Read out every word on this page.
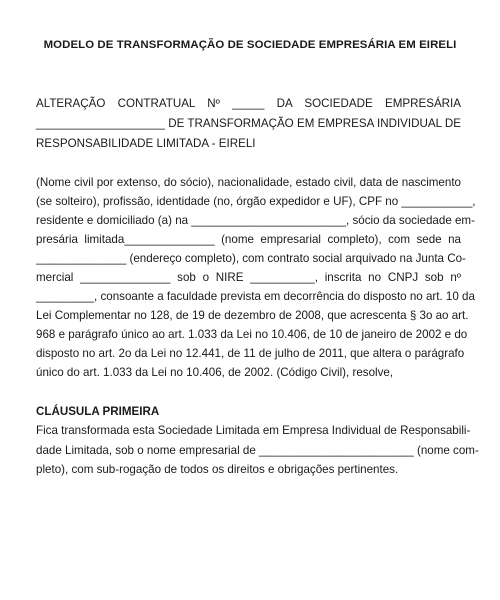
MODELO DE TRANSFORMAÇÃO DE SOCIEDADE EMPRESÁRIA EM EIRELI
ALTERAÇÃO CONTRATUAL Nº _____ DA SOCIEDADE EMPRESÁRIA
____________________ DE TRANSFORMAÇÃO EM EMPRESA INDIVIDUAL DE
RESPONSABILIDADE LIMITADA - EIRELI
(Nome civil por extenso, do sócio), nacionalidade, estado civil, data de nascimento
(se solteiro), profissão, identidade (no, órgão expedidor e UF), CPF no ___________,
residente e domiciliado (a) na ________________________, sócio da sociedade em-
presária limitada______________ (nome empresarial completo), com sede na
______________ (endereço completo), com contrato social arquivado na Junta Co-
mercial ______________ sob o NIRE __________, inscrita no CNPJ sob nº
_________, consoante a faculdade prevista em decorrência do disposto no art. 10 da
Lei Complementar no 128, de 19 de dezembro de 2008, que acrescenta § 3o ao art.
968 e parágrafo único ao art. 1.033 da Lei no 10.406, de 10 de janeiro de 2002 e do
disposto no art. 2o da Lei no 12.441, de 11 de julho de 2011, que altera o parágrafo
único do art. 1.033 da Lei no 10.406, de 2002. (Código Civil), resolve,
CLÁUSULA PRIMEIRA
Fica transformada esta Sociedade Limitada em Empresa Individual de Responsabili-
dade Limitada, sob o nome empresarial de ________________________ (nome com-
pleto), com sub-rogação de todos os direitos e obrigações pertinentes.
